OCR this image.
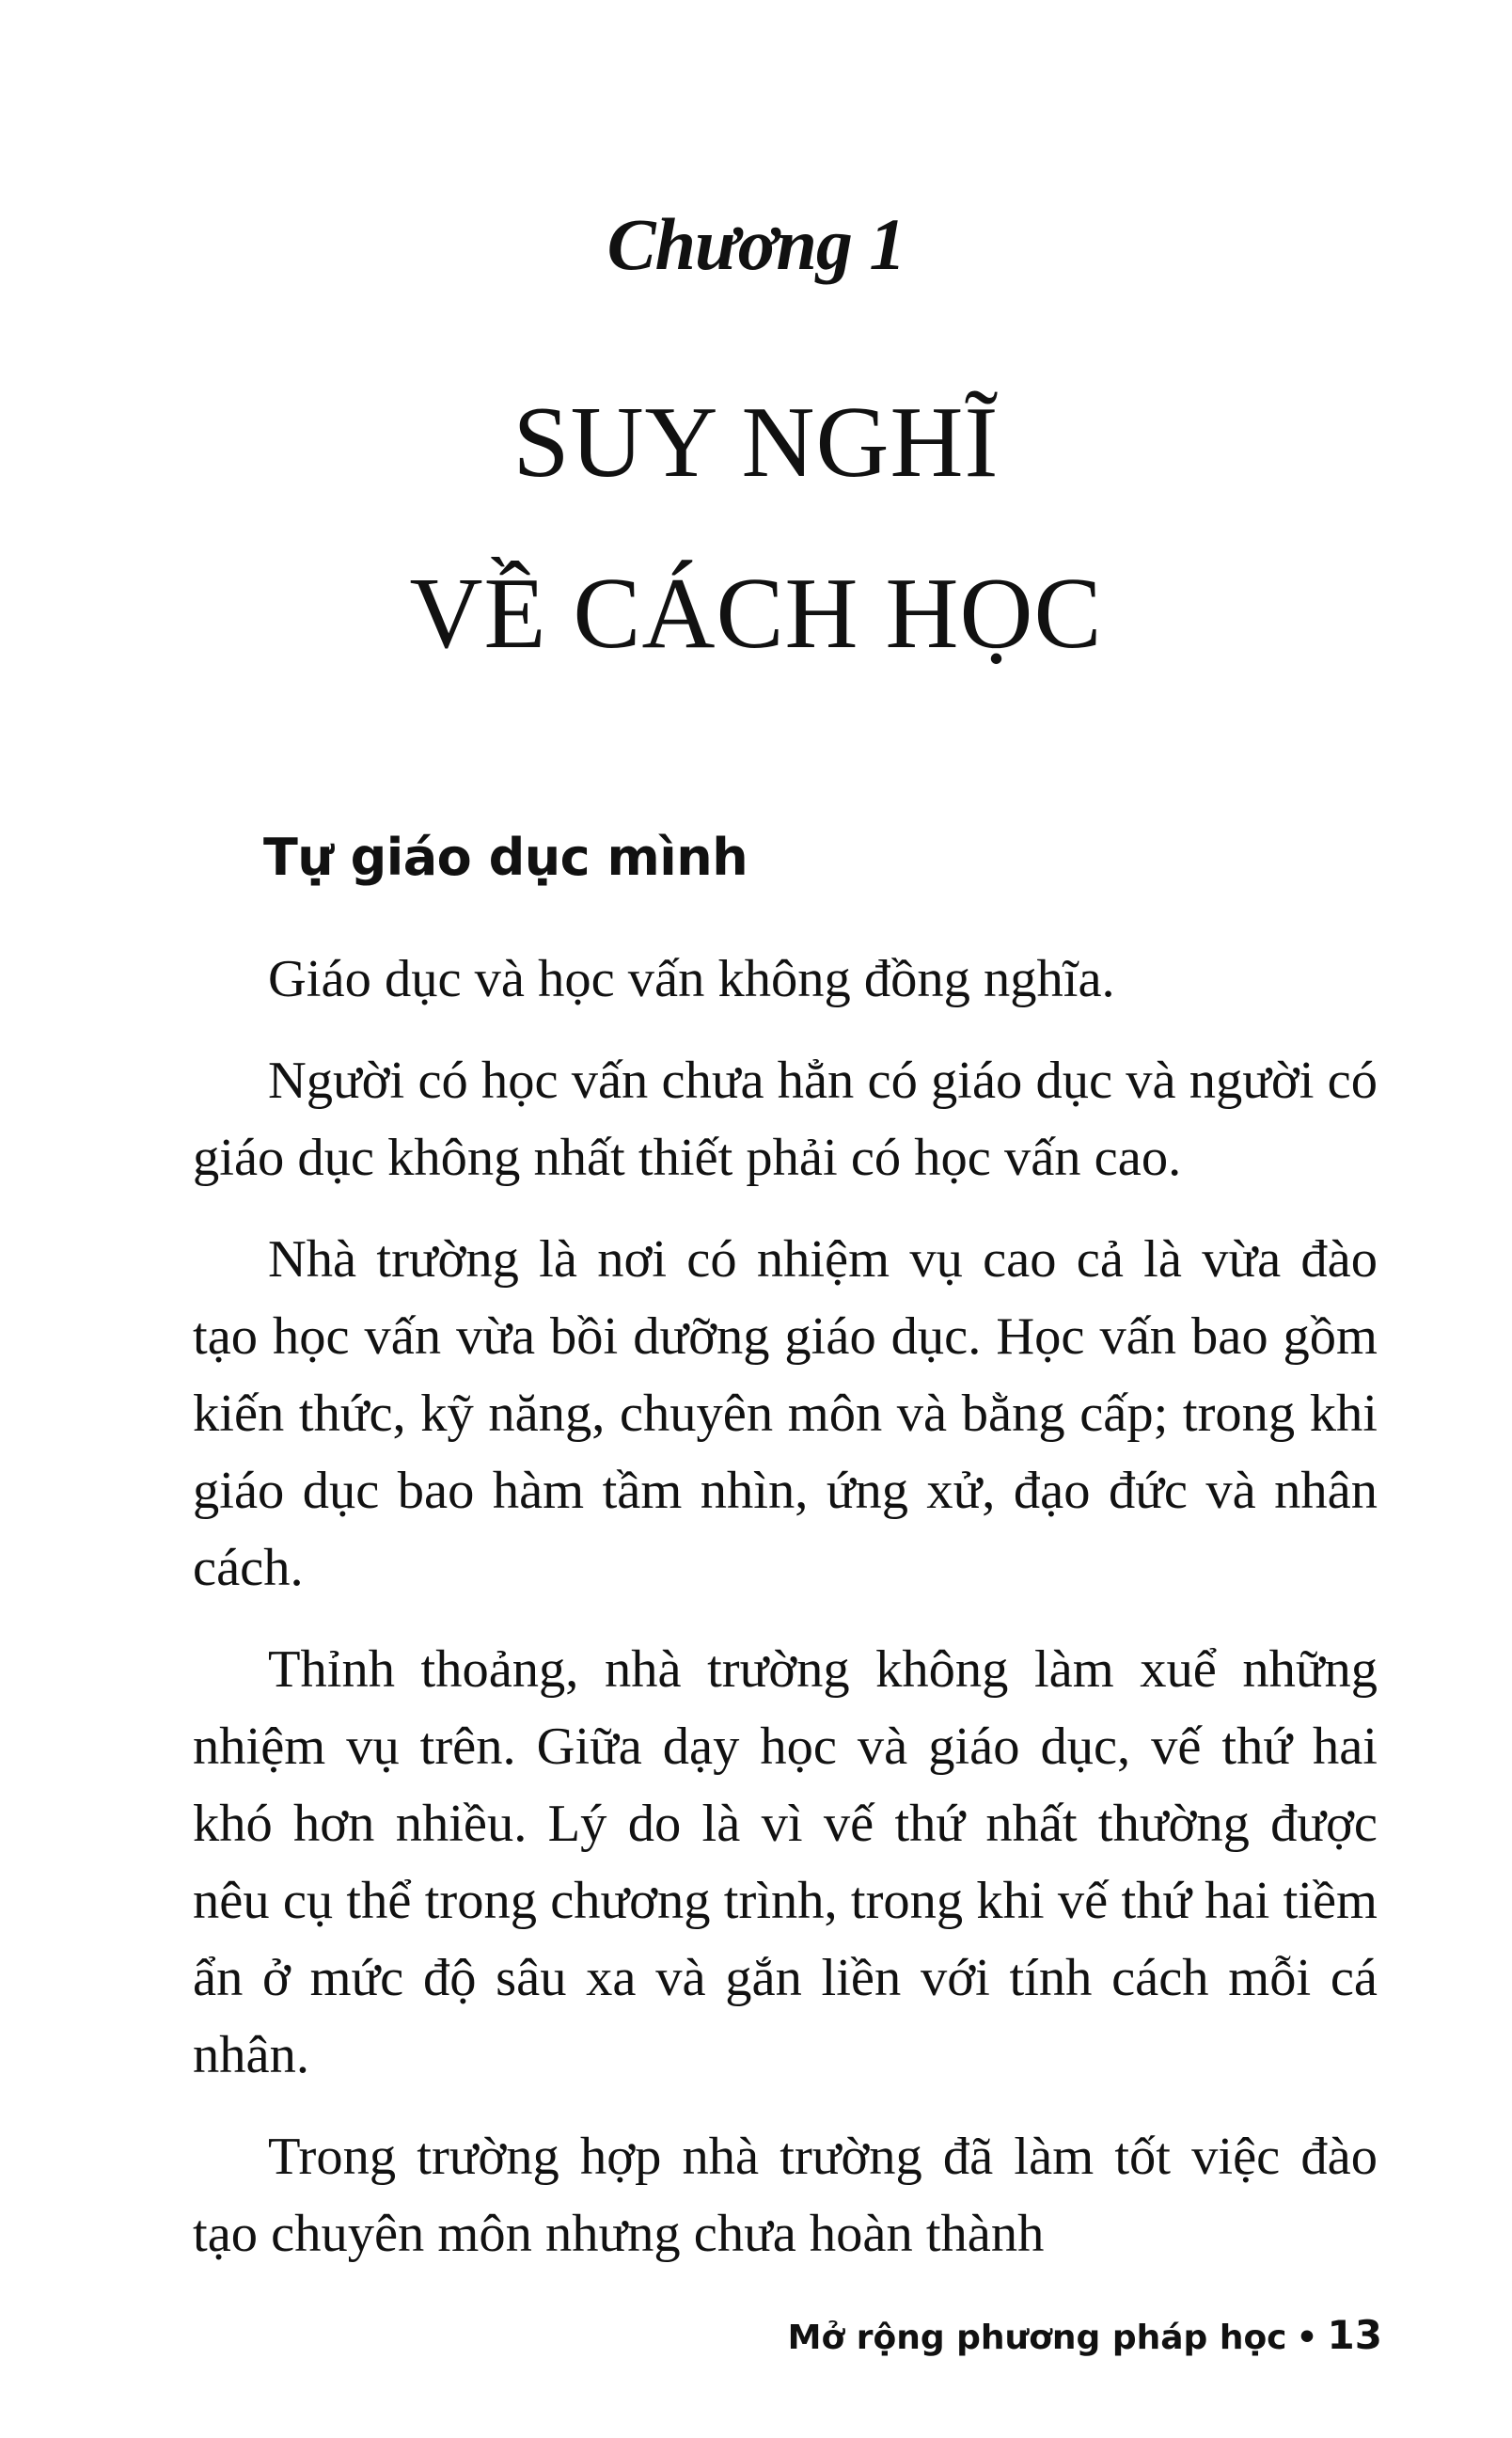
Chương 1
SUY NGHĨ
VỀ CÁCH HỌC
Tự giáo dục mình

Giáo dục và học vấn không đồng nghĩa.

Người có học vấn chưa hẳn có giáo dục và người có giáo dục không nhất thiết phải có học vấn cao.

Nhà trường là nơi có nhiệm vụ cao cả là vừa đào tạo học vấn vừa bồi dưỡng giáo dục. Học vấn bao gồm kiến thức, kỹ năng, chuyên môn và bằng cấp; trong khi giáo dục bao hàm tầm nhìn, ứng xử, đạo đức và nhân cách.

Thỉnh thoảng, nhà trường không làm xuể những nhiệm vụ trên. Giữa dạy học và giáo dục, vế thứ hai khó hơn nhiều. Lý do là vì vế thứ nhất thường được nêu cụ thể trong chương trình, trong khi vế thứ hai tiềm ẩn ở mức độ sâu xa và gắn liền với tính cách mỗi cá nhân.

Trong trường hợp nhà trường đã làm tốt việc đào tạo chuyên môn nhưng chưa hoàn thành

Mở rộng phương pháp học • 13
